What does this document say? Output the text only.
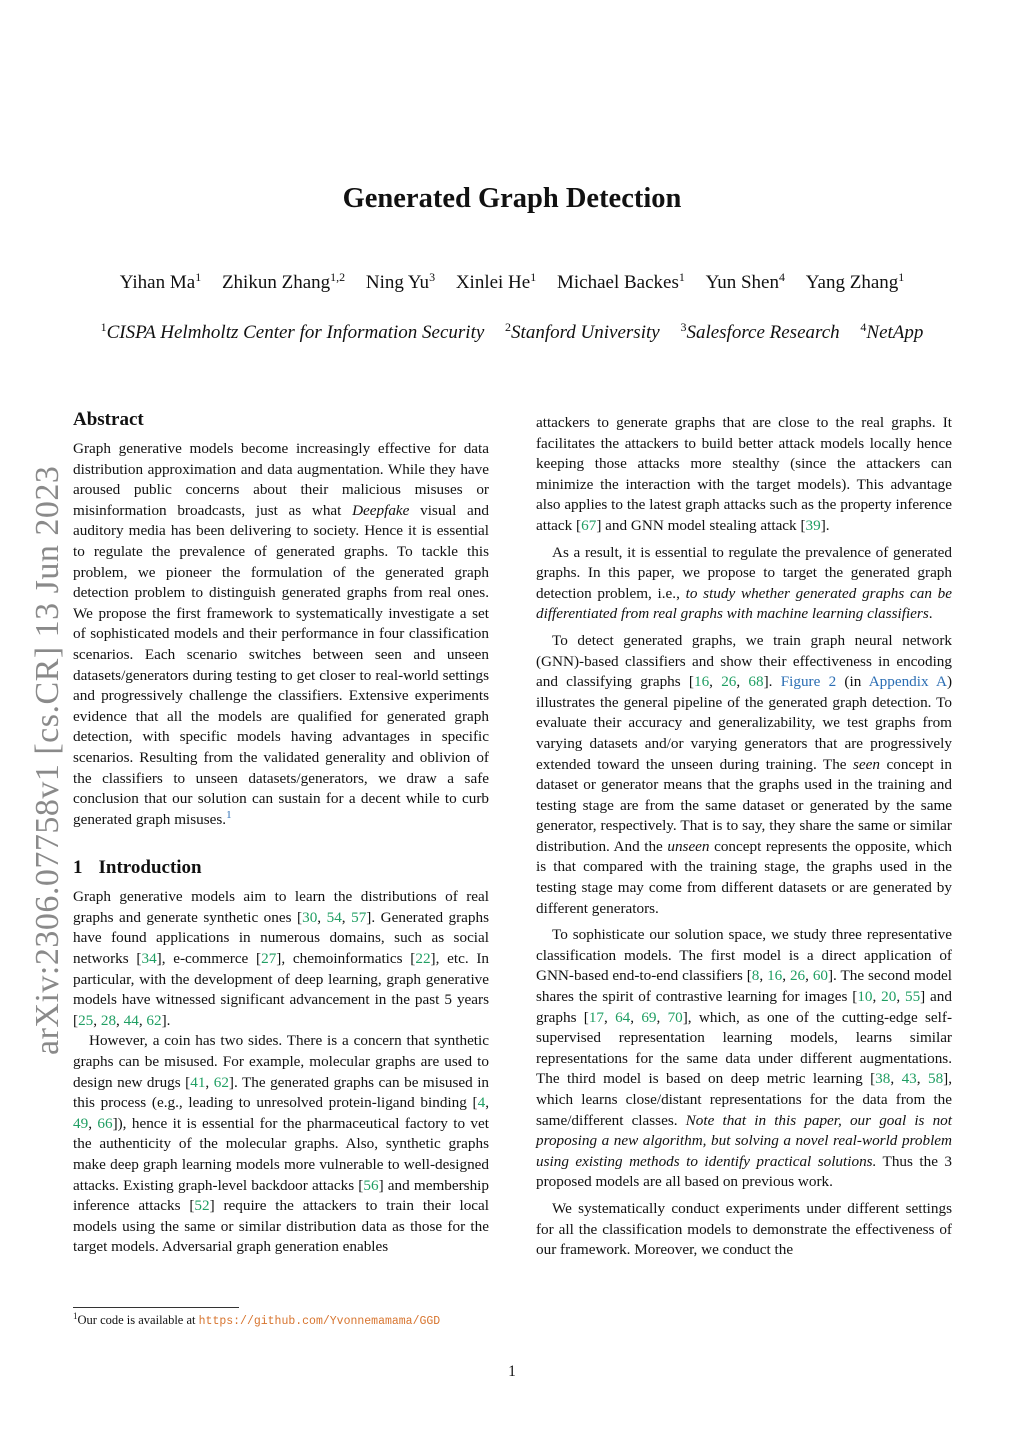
Generated Graph Detection
Yihan Ma$^1$ Zhikun Zhang$^{1,2}$ Ning Yu$^3$ Xinlei He$^1$ Michael Backes$^1$ Yun Shen$^4$ Yang Zhang$^1$
$^1$CISPA Helmholtz Center for Information Security $^2$Stanford University $^3$Salesforce Research $^4$NetApp
arXiv:2306.07758v1 [cs.CR] 13 Jun 2023
Abstract

Graph generative models become increasingly effective for data distribution approximation and data augmentation. While they have aroused public concerns about their malicious misuses or misinformation broadcasts, just as what Deepfake visual and auditory media has been delivering to society. Hence it is essential to regulate the prevalence of generated graphs. To tackle this problem, we pioneer the formulation of the generated graph detection problem to distinguish generated graphs from real ones. We propose the first framework to systematically investigate a set of sophisticated models and their performance in four classification scenarios. Each scenario switches between seen and unseen datasets/generators during testing to get closer to real-world settings and progressively challenge the classifiers. Extensive experiments evidence that all the models are qualified for generated graph detection, with specific models having advantages in specific scenarios. Resulting from the validated generality and oblivion of the classifiers to unseen datasets/generators, we draw a safe conclusion that our solution can sustain for a decent while to curb generated graph misuses.$^1$

1 Introduction

Graph generative models aim to learn the distributions of real graphs and generate synthetic ones [30, 54, 57]. Generated graphs have found applications in numerous domains, such as social networks [34], e-commerce [27], chemoinformatics [22], etc. In particular, with the development of deep learning, graph generative models have witnessed significant advancement in the past 5 years [25, 28, 44, 62].

However, a coin has two sides. There is a concern that synthetic graphs can be misused. For example, molecular graphs are used to design new drugs [41, 62]. The generated graphs can be misused in this process (e.g., leading to unresolved protein-ligand binding [4, 49, 66]), hence it is essential for the pharmaceutical factory to vet the authenticity of the molecular graphs. Also, synthetic graphs make deep graph learning models more vulnerable to well-designed attacks. Existing graph-level backdoor attacks [56] and membership inference attacks [52] require the attackers to train their local models using the same or similar distribution data as those for the target models. Adversarial graph generation enables

attackers to generate graphs that are close to the real graphs. It facilitates the attackers to build better attack models locally hence keeping those attacks more stealthy (since the attackers can minimize the interaction with the target models). This advantage also applies to the latest graph attacks such as the property inference attack [67] and GNN model stealing attack [39].

As a result, it is essential to regulate the prevalence of generated graphs. In this paper, we propose to target the generated graph detection problem, i.e., to study whether generated graphs can be differentiated from real graphs with machine learning classifiers.

To detect generated graphs, we train graph neural network (GNN)-based classifiers and show their effectiveness in encoding and classifying graphs [16, 26, 68]. Figure 2 (in Appendix A) illustrates the general pipeline of the generated graph detection. To evaluate their accuracy and generalizability, we test graphs from varying datasets and/or varying generators that are progressively extended toward the unseen during training. The seen concept in dataset or generator means that the graphs used in the training and testing stage are from the same dataset or generated by the same generator, respectively. That is to say, they share the same or similar distribution. And the unseen concept represents the opposite, which is that compared with the training stage, the graphs used in the testing stage may come from different datasets or are generated by different generators.

To sophisticate our solution space, we study three representative classification models. The first model is a direct application of GNN-based end-to-end classifiers [8, 16, 26, 60]. The second model shares the spirit of contrastive learning for images [10, 20, 55] and graphs [17, 64, 69, 70], which, as one of the cutting-edge self-supervised representation learning models, learns similar representations for the same data under different augmentations. The third model is based on deep metric learning [38, 43, 58], which learns close/distant representations for the data from the same/different classes. Note that in this paper, our goal is not proposing a new algorithm, but solving a novel real-world problem using existing methods to identify practical solutions. Thus the 3 proposed models are all based on previous work.

We systematically conduct experiments under different settings for all the classification models to demonstrate the effectiveness of our framework. Moreover, we conduct the

$^1$Our code is available at https://github.com/Yvonnemamama/GGD
1
